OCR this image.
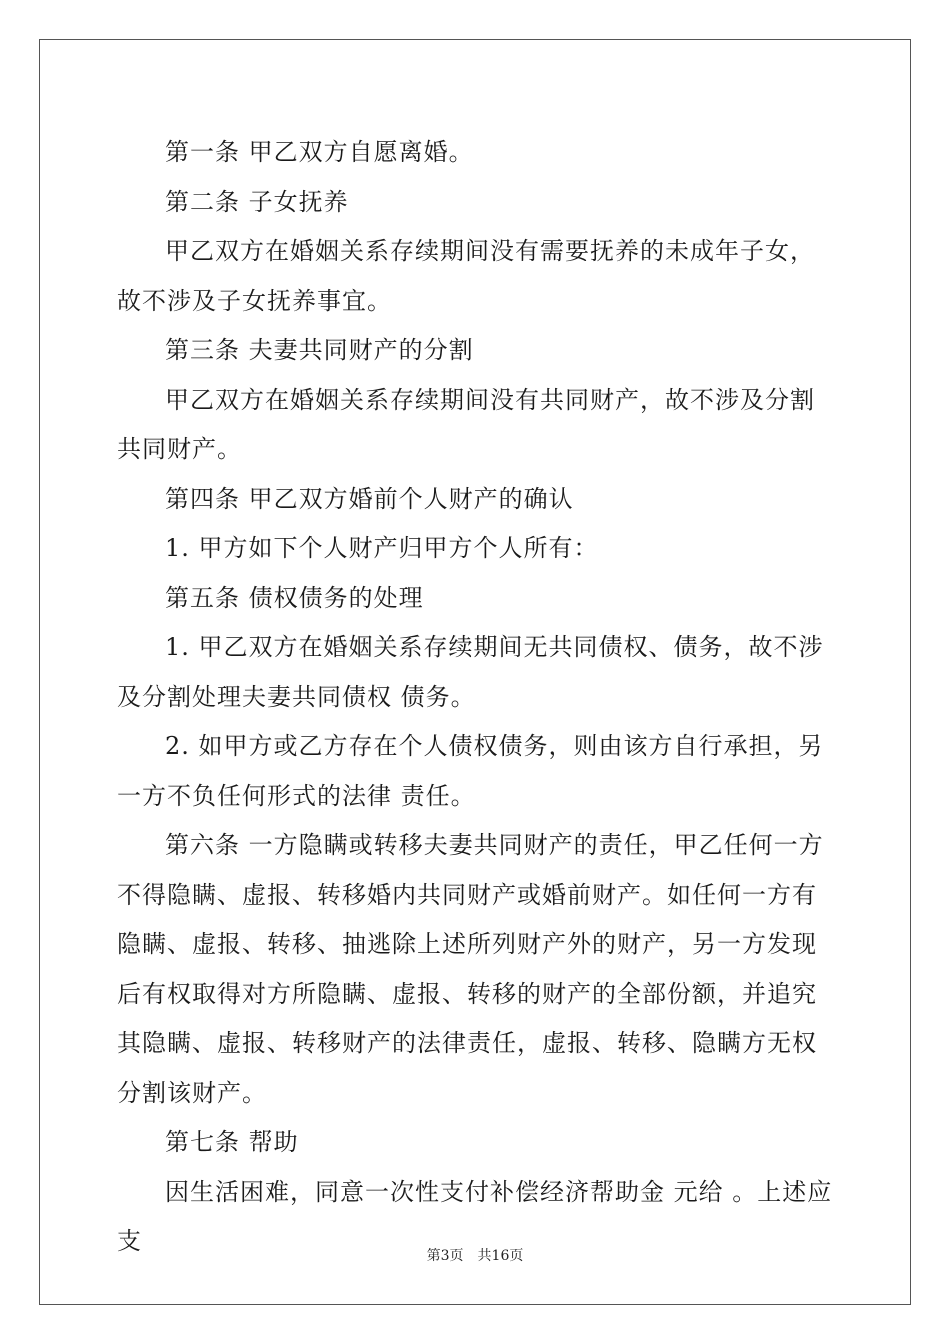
第一条 甲乙双方自愿离婚。

第二条 子女抚养

甲乙双方在婚姻关系存续期间没有需要抚养的未成年子女，故不涉及子女抚养事宜。

第三条 夫妻共同财产的分割

甲乙双方在婚姻关系存续期间没有共同财产，故不涉及分割共同财产。

第四条 甲乙双方婚前个人财产的确认

1. 甲方如下个人财产归甲方个人所有：

第五条 债权债务的处理

1. 甲乙双方在婚姻关系存续期间无共同债权、债务，故不涉及分割处理夫妻共同债权 债务。

2. 如甲方或乙方存在个人债权债务，则由该方自行承担，另一方不负任何形式的法律 责任。

第六条 一方隐瞒或转移夫妻共同财产的责任，甲乙任何一方不得隐瞒、虚报、转移婚内共同财产或婚前财产。如任何一方有隐瞒、虚报、转移、抽逃除上述所列财产外的财产，另一方发现后有权取得对方所隐瞒、虚报、转移的财产的全部份额，并追究其隐瞒、虚报、转移财产的法律责任，虚报、转移、隐瞒方无权分割该财产。

第七条 帮助

因生活困难，同意一次性支付补偿经济帮助金 元给 。上述应支

第3页 共16页
